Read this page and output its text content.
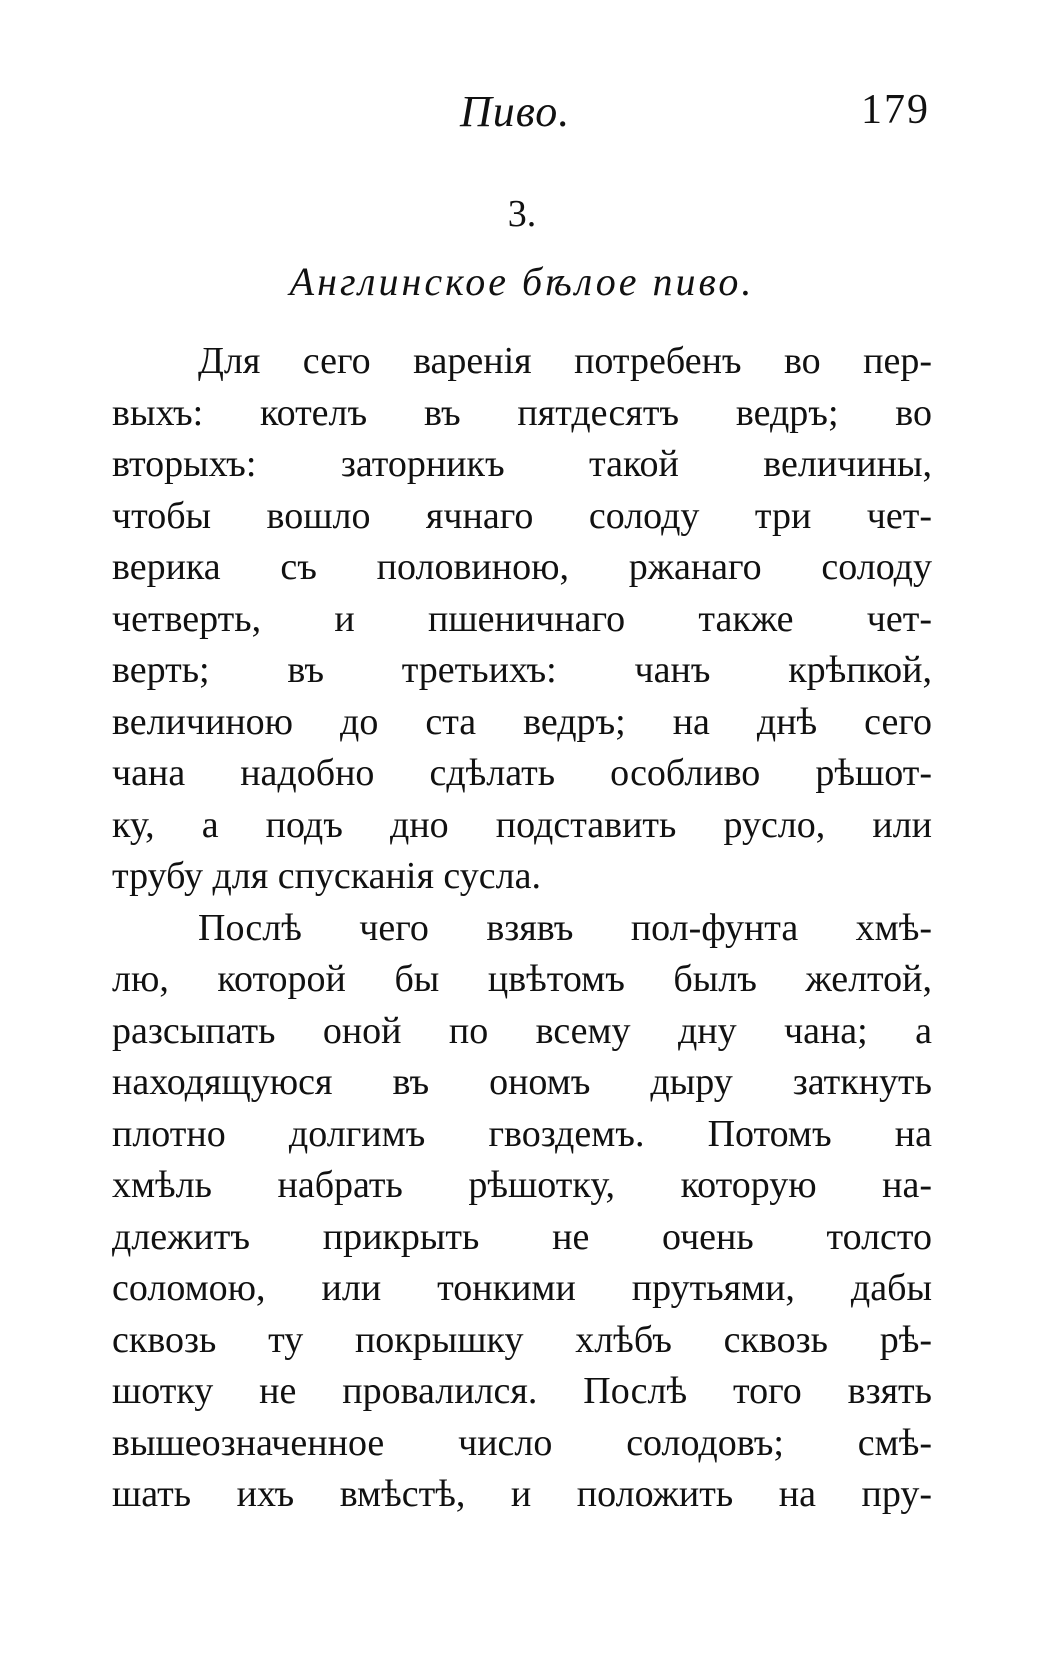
Пиво.	179
3.
Англинское бѣлое пиво.
Для сего варенія потребенъ во пер-
выхъ: котелъ въ пятдесятъ ведръ; во
вторыхъ: заторникъ такой величины,
чтобы вошло ячнаго солоду три чет-
верика съ половиною, ржанаго солоду
четверть, и пшеничнаго также чет-
верть; въ третьихъ: чанъ крѣпкой,
величиною до ста ведръ; на днѣ сего
чана надобно сдѣлать особливо рѣшот-
ку, а подъ дно подставить русло, или
трубу для спусканія сусла.
Послѣ чего взявъ пол-фунта хмѣ-
лю, которой бы цвѣтомъ былъ желтой,
разсыпать оной по всему дну чана; а
находящуюся въ ономъ дыру заткнуть
плотно долгимъ гвоздемъ. Потомъ на
хмѣль набрать рѣшотку, которую на-
длежитъ прикрыть не очень толсто
соломою, или тонкими прутьями, дабы
сквозь ту покрышку хлѣбъ сквозь рѣ-
шотку не провалился. Послѣ того взять
вышеозначенное число солодовъ; смѣ-
шать ихъ вмѣстѣ, и положить на пру-
